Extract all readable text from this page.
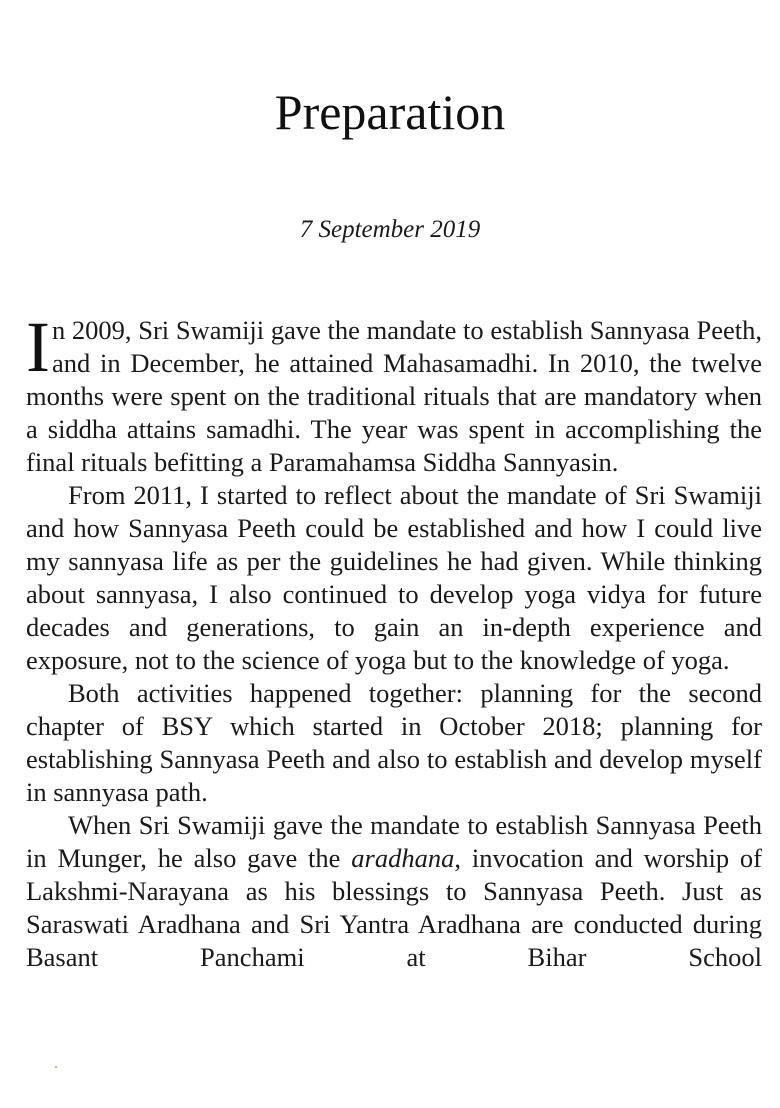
Preparation
7 September 2019

In 2009, Sri Swamiji gave the mandate to establish Sannyasa Peeth, and in December, he attained Mahasamadhi. In 2010, the twelve months were spent on the traditional rituals that are mandatory when a siddha attains samadhi. The year was spent in accomplishing the final rituals befitting a Paramahamsa Siddha Sannyasin.

From 2011, I started to reflect about the mandate of Sri Swamiji and how Sannyasa Peeth could be established and how I could live my sannyasa life as per the guidelines he had given. While thinking about sannyasa, I also continued to develop yoga vidya for future decades and generations, to gain an in-depth experience and exposure, not to the science of yoga but to the knowledge of yoga.

Both activities happened together: planning for the second chapter of BSY which started in October 2018; planning for establishing Sannyasa Peeth and also to establish and develop myself in sannyasa path.

When Sri Swamiji gave the mandate to establish Sannyasa Peeth in Munger, he also gave the aradhana, invocation and worship of Lakshmi-Narayana as his blessings to Sannyasa Peeth. Just as Saraswati Aradhana and Sri Yantra Aradhana are conducted during Basant Panchami at Bihar School
